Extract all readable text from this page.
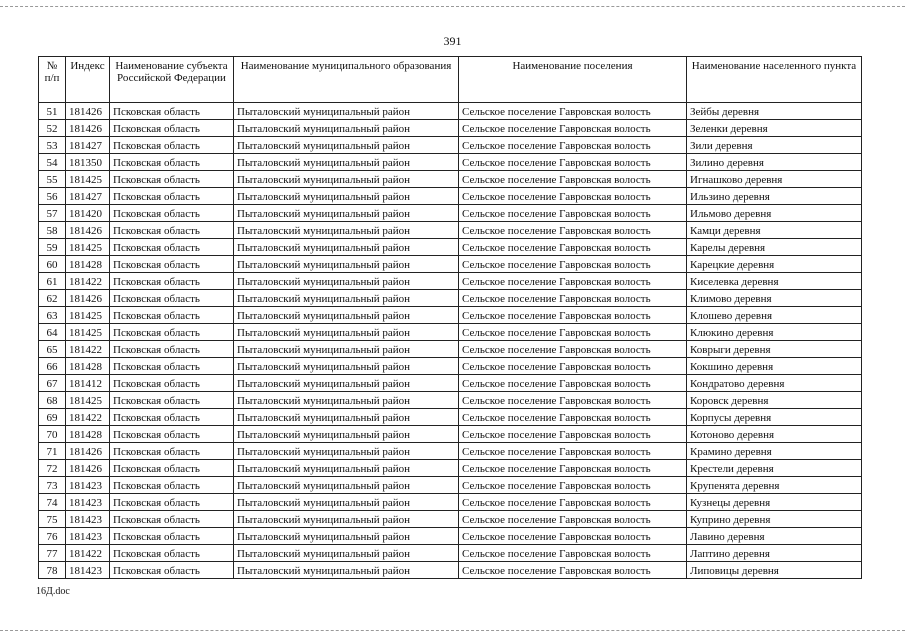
391
№ п/п	Индекс	Наименование субъекта Российской Федерации	Наименование муниципального образования	Наименование поселения	Наименование населенного пункта
51	181426	Псковская область	Пыталовский муниципальный район	Сельское поселение Гавровская волость	Зейбы деревня
52	181426	Псковская область	Пыталовский муниципальный район	Сельское поселение Гавровская волость	Зеленки деревня
53	181427	Псковская область	Пыталовский муниципальный район	Сельское поселение Гавровская волость	Зили деревня
54	181350	Псковская область	Пыталовский муниципальный район	Сельское поселение Гавровская волость	Зилино деревня
55	181425	Псковская область	Пыталовский муниципальный район	Сельское поселение Гавровская волость	Игнашково деревня
56	181427	Псковская область	Пыталовский муниципальный район	Сельское поселение Гавровская волость	Ильзино деревня
57	181420	Псковская область	Пыталовский муниципальный район	Сельское поселение Гавровская волость	Ильмово деревня
58	181426	Псковская область	Пыталовский муниципальный район	Сельское поселение Гавровская волость	Камци деревня
59	181425	Псковская область	Пыталовский муниципальный район	Сельское поселение Гавровская волость	Карелы деревня
60	181428	Псковская область	Пыталовский муниципальный район	Сельское поселение Гавровская волость	Карецкие деревня
61	181422	Псковская область	Пыталовский муниципальный район	Сельское поселение Гавровская волость	Киселевка деревня
62	181426	Псковская область	Пыталовский муниципальный район	Сельское поселение Гавровская волость	Климово деревня
63	181425	Псковская область	Пыталовский муниципальный район	Сельское поселение Гавровская волость	Клошево деревня
64	181425	Псковская область	Пыталовский муниципальный район	Сельское поселение Гавровская волость	Клюкино деревня
65	181422	Псковская область	Пыталовский муниципальный район	Сельское поселение Гавровская волость	Коврыги деревня
66	181428	Псковская область	Пыталовский муниципальный район	Сельское поселение Гавровская волость	Кокшино деревня
67	181412	Псковская область	Пыталовский муниципальный район	Сельское поселение Гавровская волость	Кондратово деревня
68	181425	Псковская область	Пыталовский муниципальный район	Сельское поселение Гавровская волость	Коровск деревня
69	181422	Псковская область	Пыталовский муниципальный район	Сельское поселение Гавровская волость	Корпусы деревня
70	181428	Псковская область	Пыталовский муниципальный район	Сельское поселение Гавровская волость	Котоново деревня
71	181426	Псковская область	Пыталовский муниципальный район	Сельское поселение Гавровская волость	Крамино деревня
72	181426	Псковская область	Пыталовский муниципальный район	Сельское поселение Гавровская волость	Крестели деревня
73	181423	Псковская область	Пыталовский муниципальный район	Сельское поселение Гавровская волость	Крупенята деревня
74	181423	Псковская область	Пыталовский муниципальный район	Сельское поселение Гавровская волость	Кузнецы деревня
75	181423	Псковская область	Пыталовский муниципальный район	Сельское поселение Гавровская волость	Куприно деревня
76	181423	Псковская область	Пыталовский муниципальный район	Сельское поселение Гавровская волость	Лавино деревня
77	181422	Псковская область	Пыталовский муниципальный район	Сельское поселение Гавровская волость	Лаптино деревня
78	181423	Псковская область	Пыталовский муниципальный район	Сельское поселение Гавровская волость	Липовицы деревня
16Д.doc
